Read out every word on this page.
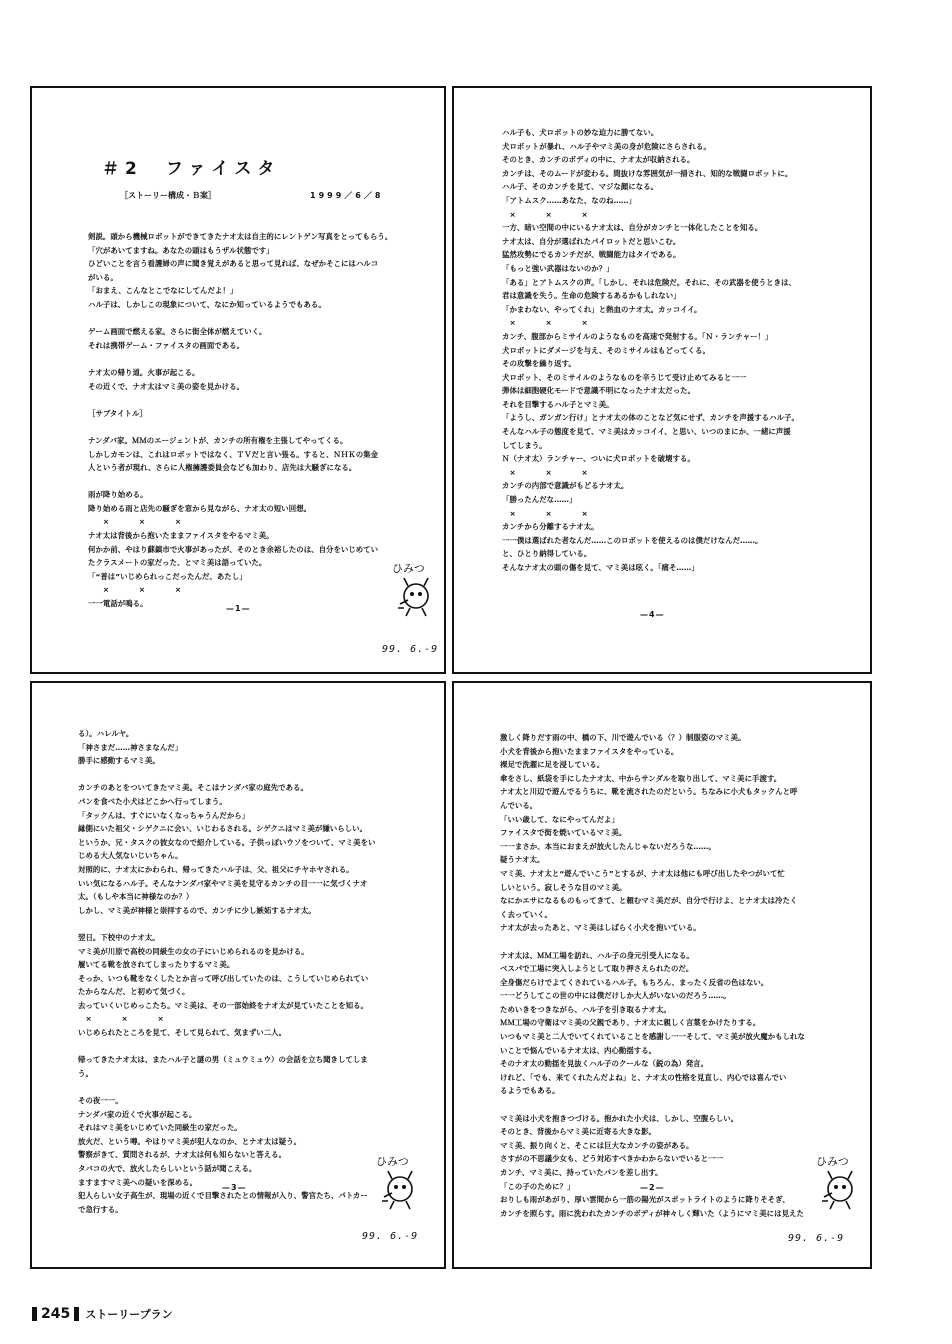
＃2　ファイスタ
［ストーリー構成・Ｂ案］	1999／6／8
剣説。頭から機械ロボットができてきたナオ太は自主的にレントゲン写真をとってもらう。
「穴があいてますね。あなたの頭はもうザル状態です」
ひどいことを言う看護婦の声に聞き覚えがあると思って見れば、なぜかそこにはハルコ
がいる。
「おまえ、こんなとこでなにしてんだよ！」
ハル子は、しかしこの現象について、なにか知っているようでもある。

ゲーム画面で燃える家。さらに街全体が燃えていく。
それは携帯ゲーム・ファイスタの画面である。

ナオ太の帰り道。火事が起こる。
その近くで、ナオ太はマミ美の姿を見かける。

［サブタイトル］

ナンダバ家。ＭＭのエージェントが、カンチの所有権を主張してやってくる。
しかしカモンは、これはロボットではなく、ＴＶだと言い張る。すると、ＮＨＫの集金
人という者が現れ、さらに人権擁護委員会なども加わり、店先は大騒ぎになる。

雨が降り始める。
降り始める雨と店先の騒ぎを窓から見ながら、ナオ太の短い回想。
　　×　　　　×　　　　×
ナオ太は背後から抱いたままファイスタをやるマミ美。
何かか前、やはり蘇鎮市で火事があったが、そのとき余裕したのは、自分をいじめてい
たクラスメートの家だった、とマミ美は語っていた。
「“普は”いじめられっこだったんだ、あたし」
　　×　　　　×　　　　×
一一電話が鳴る。
ひみつ
—1—
99. 6.-9
ハル子も、犬ロボットの妙な迫力に勝てない。
犬ロボットが暴れ、ハル子やマミ美の身が危険にさらされる。
そのとき、カンチのボディの中に、ナオ太が収納される。
カンチは、そのムードが変わる。間抜けな雰囲気が一掃され、知的な戦闘ロボットに。
ハル子、そのカンチを見て、マジな顔になる。
「アトムスク……あなた、なのね……」
　×　　　　×　　　　×
一方、暗い空間の中にいるナオ太は、自分がカンチと一体化したことを知る。
ナオ太は、自分が選ばれたパイロットだと思いこむ。
猛然攻勢にでるカンチだが、戦闘能力はタイである。
「もっと強い武器はないのか？」
「ある」とアトムスクの声。「しかし、それは危険だ。それに、その武器を使うときは、
君は意識を失う。生命の危険するあるかもしれない」
「かまわない、やってくれ」と熱血のナオ太。カッコイイ。
　×　　　　×　　　　×
カンチ、腹部からミサイルのようなものを高速で発射する。「Ｎ・ランチャー！」
犬ロボットにダメージを与え、そのミサイルはもどってくる。
その攻撃を繰り返す。
犬ロボット、そのミサイルのようなものを辛うじて受け止めてみると一一
弾体は細胞硬化モードで意識不明になったナオ太だった。
それを目撃するハル子とマミ美。
「ようし、ガンガン行け」とナオ太の体のことなど気にせず、カンチを声援するハル子。
そんなハル子の態度を見て、マミ美はカッコイイ、と思い、いつのまにか、一緒に声援
してしまう。
Ｎ（ナオ太）ランチャー、ついに犬ロボットを破壊する。
　×　　　　×　　　　×
カンチの内部で意識がもどるナオ太。
「勝ったんだな……」
　×　　　　×　　　　×
カンチから分離するナオ太。
一一僕は選ばれた者なんだ……このロボットを使えるのは僕だけなんだ……。
と、ひとり納得している。
そんなナオ太の頭の傷を見て、マミ美は呟く。「痛そ……」
—4—
る）。ハレルヤ。
「神さまだ……神さまなんだ」
勝手に感動するマミ美。

カンチのあとをついてきたマミ美。そこはナンダバ家の庭先である。
パンを食べた小犬はどこかへ行ってしまう。
「タックんは、すぐにいなくなっちゃうんだから」
縁側にいた祖父・シゲクニに会い、いじわるされる。シゲクニはマミ美が嫌いらしい。
というか、兄・タスクの彼女なので紹介している。子供っぽいウソをついて、マミ美をい
じめる大人気ないじいちゃん。
対照的に、ナオ太にかわられ、帰ってきたハル子は、父、祖父にチヤホヤされる。
いい気になるハル子。そんなナンダバ家やマミ美を見守るカンチの目一一に気づくナオ
太。（もしや本当に神様なのか？）
しかし、マミ美が神様と崇拝するので、カンチに少し嫉妬するナオ太。

翌日。下校中のナオ太。
マミ美が川原で高校の同級生の女の子にいじめられるのを見かける。
履いてる靴を放されてしまったりするマミ美。
そっか、いつも靴をなくしたとか言って呼び出していたのは、こうしていじめられてい
たからなんだ、と初めて気づく。
去っていくいじめっこたち。マミ美は、その一部始終をナオ太が見ていたことを知る。
　×　　　　×　　　　×
いじめられたところを見て、そして見られて、気まずい二人。

帰ってきたナオ太は、またハル子と謎の男（ミュウミュウ）の会話を立ち聞きしてしま
う。

その夜一一。
ナンダバ家の近くで火事が起こる。
それはマミ美をいじめていた同級生の家だった。
放火だ、という噂。やはりマミ美が犯人なのか、とナオ太は疑う。
警察がきて、質問されるが、ナオ太は何も知らないと答える。
タバコの火で、放火したらしいという話が聞こえる。
ますますマミ美への疑いを深める。
犯人らしい女子高生が、現場の近くで目撃されたとの情報が入り、警官たち、パトカー
で急行する。
ひみつ
—3—
99. 6.-9
激しく降りだす雨の中、橋の下、川で遊んでいる（？）制服姿のマミ美。
小犬を背後から抱いたままファイスタをやっている。
裸足で洗濯に足を浸している。
傘をさし、紙袋を手にしたナオ太、中からサンダルを取り出して、マミ美に手渡す。
ナオ太と川辺で遊んでるうちに、靴を流されたのだという。ちなみに小犬もタックんと呼
んでいる。
「いい歳して、なにやってんだよ」
ファイスタで街を焼いているマミ美。
一一まさか、本当におまえが放火したんじゃないだろうな……。
疑うナオ太。
マミ美、ナオ太と“遊んでいこう”とするが、ナオ太は他にも呼び出したやつがいて忙
しいという。寂しそうな目のマミ美。
なにかエサになるものもってきて、と頼むマミ美だが、自分で行けよ、とナオ太は冷たく
く去っていく。
ナオ太が去ったあと、マミ美はしばらく小犬を抱いている。

ナオ太は、ＭＭ工場を訪れ、ハル子の身元引受人になる。
ベスパで工場に突入しようとして取り押さえられたのだ。
全身傷だらけでよてくされているハル子。もちろん、まったく反省の色はない。
一一どうしてこの世の中には僕だけしか大人がいないのだろう……。
ためいきをつきながら、ハル子を引き取るナオ太。
ＭＭ工場の守衛はマミ美の父親であり、ナオ太に親しく言葉をかけたりする。
いつもマミ美と二人でいてくれていることを感謝し一一そして、マミ美が放火魔かもしれな
いことで悩んでいるナオ太は、内心動揺する。
そのナオ太の動揺を見抜くハル子のクールな（鋭の為）発言。
けれど、「でも、来てくれたんだよね」と、ナオ太の性格を見直し、内心では喜んでい
るようでもある。

マミ美は小犬を抱きつづける。抱かれた小犬は、しかし、空腹らしい。
そのとき、背後からマミ美に近寄る大きな影。
マミ美、振り向くと、そこには巨大なカンチの姿がある。
さすがの不思議少女も、どう対応すべきかわからないでいると一一
カンチ、マミ美に、持っていたパンを差し出す。
「この子のために？」
おりしも雨があがり、厚い雲間から一筋の陽光がスポットライトのように降りそそぎ、
カンチを照らす。雨に洗われたカンチのボディが神々しく輝いた（ようにマミ美には見えた
ひみつ
—2—
99. 6.-9
245 ストーリープラン
